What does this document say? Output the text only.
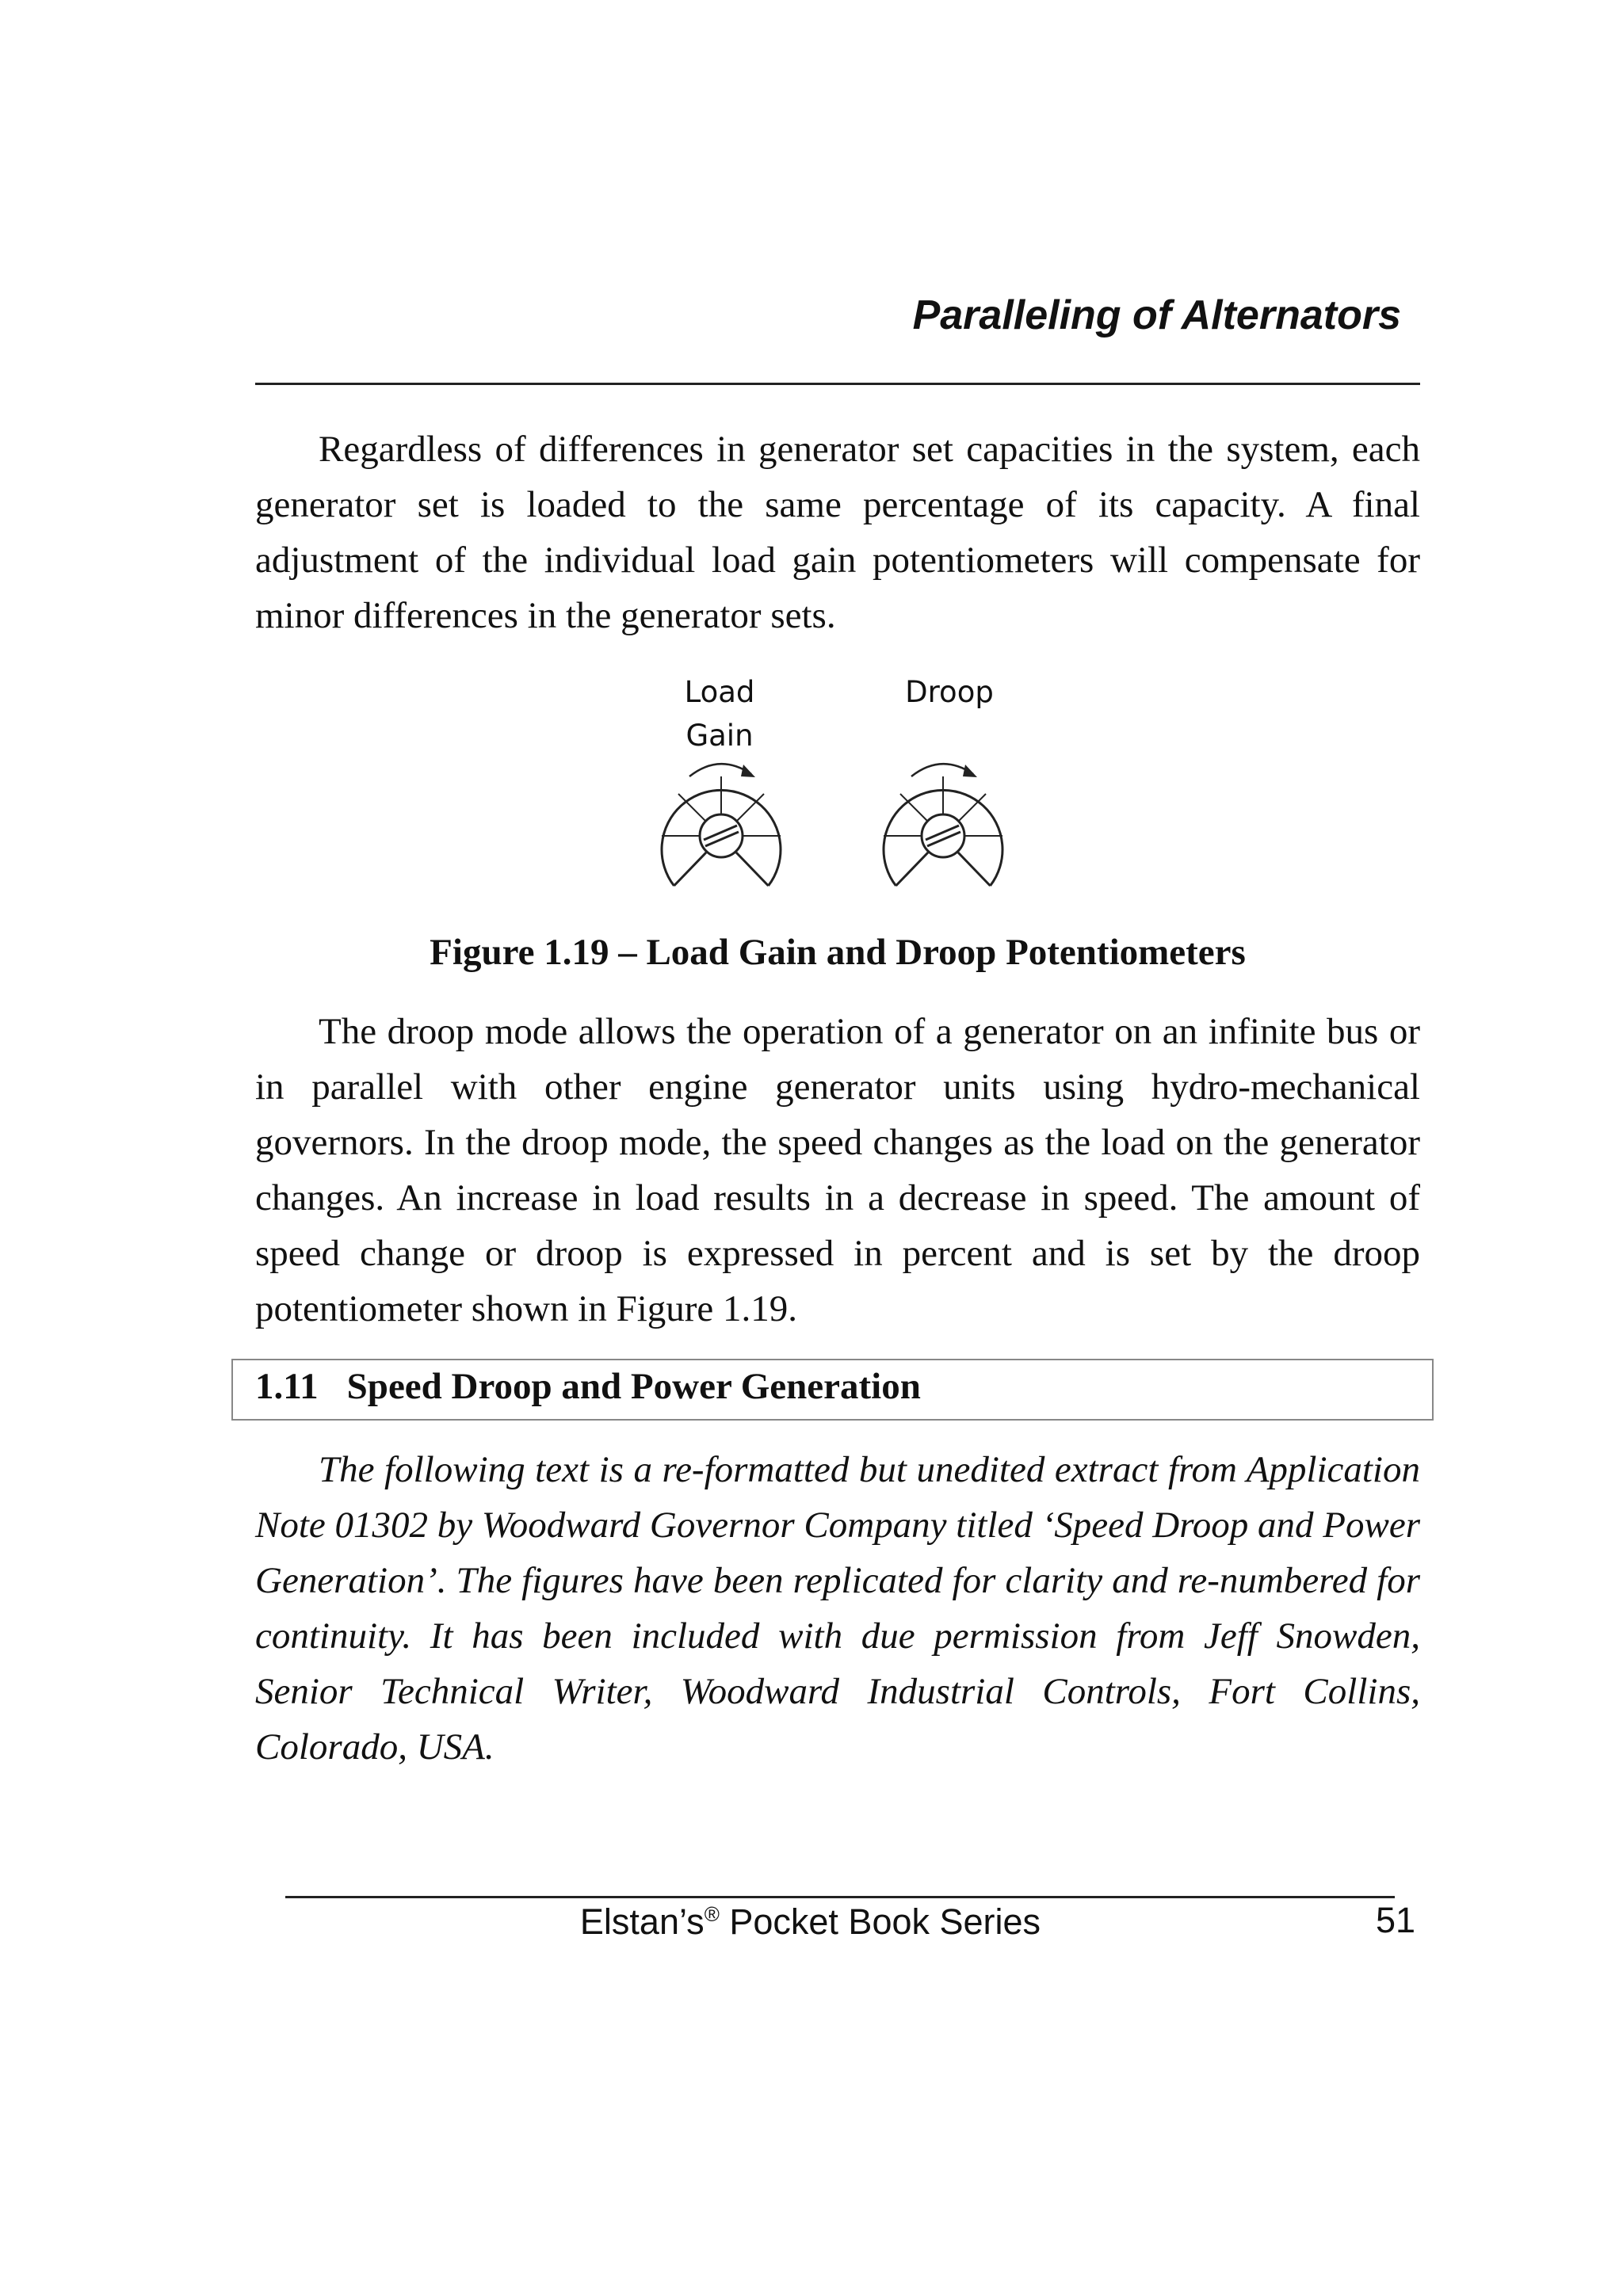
Paralleling of Alternators

Regardless of differences in generator set capacities in the system, each generator set is loaded to the same percentage of its capacity. A final adjustment of the individual load gain potentiometers will compensate for minor differences in the generator sets.

Load
Gain
Droop

Figure 1.19 – Load Gain and Droop Potentiometers

The droop mode allows the operation of a generator on an infinite bus or in parallel with other engine generator units using hydro-mechanical governors. In the droop mode, the speed changes as the load on the generator changes. An increase in load results in a decrease in speed. The amount of speed change or droop is expressed in percent and is set by the droop potentiometer shown in Figure 1.19.

1.11 Speed Droop and Power Generation

The following text is a re-formatted but unedited extract from Application Note 01302 by Woodward Governor Company titled ‘Speed Droop and Power Generation’. The figures have been replicated for clarity and re-numbered for continuity. It has been included with due permission from Jeff Snowden, Senior Technical Writer, Woodward Industrial Controls, Fort Collins, Colorado, USA.

Elstan’s® Pocket Book Series	51
